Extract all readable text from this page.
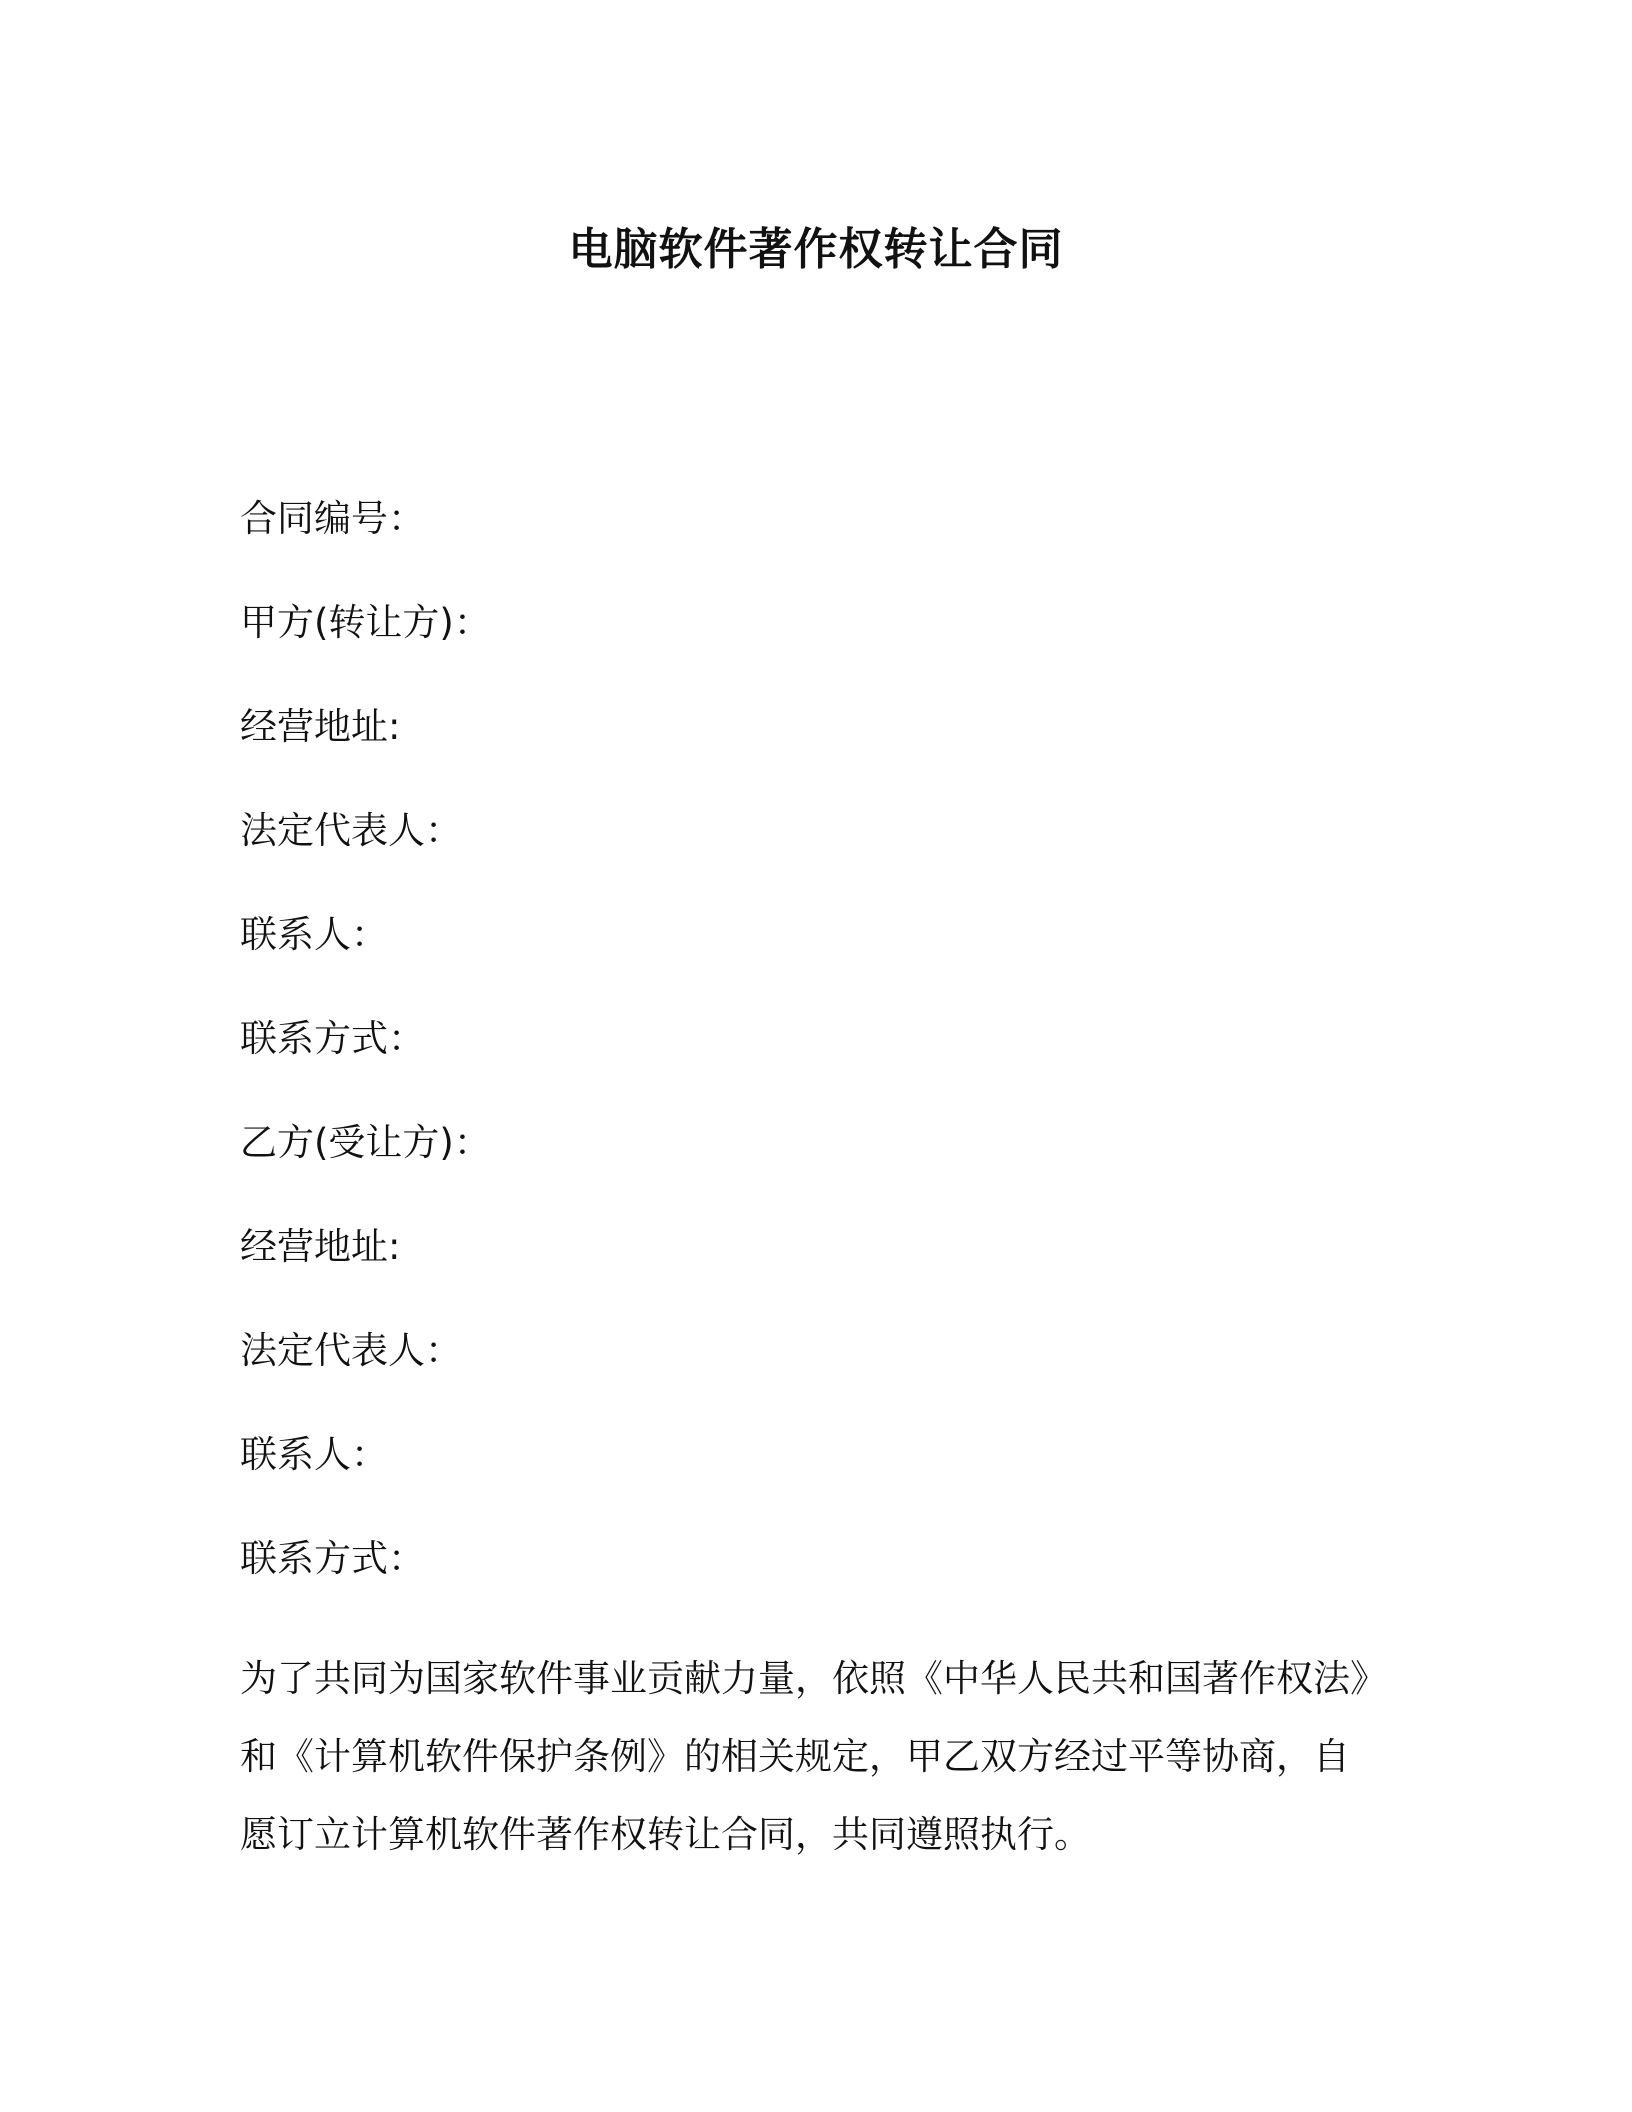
电脑软件著作权转让合同
合同编号：
甲方(转让方)：
经营地址:
法定代表人：
联系人：
联系方式：
乙方(受让方)：
经营地址:
法定代表人：
联系人：
联系方式：
为了共同为国家软件事业贡献力量，依照《中华人民共和国著作权法》
和《计算机软件保护条例》的相关规定，甲乙双方经过平等协商，自
愿订立计算机软件著作权转让合同，共同遵照执行。
